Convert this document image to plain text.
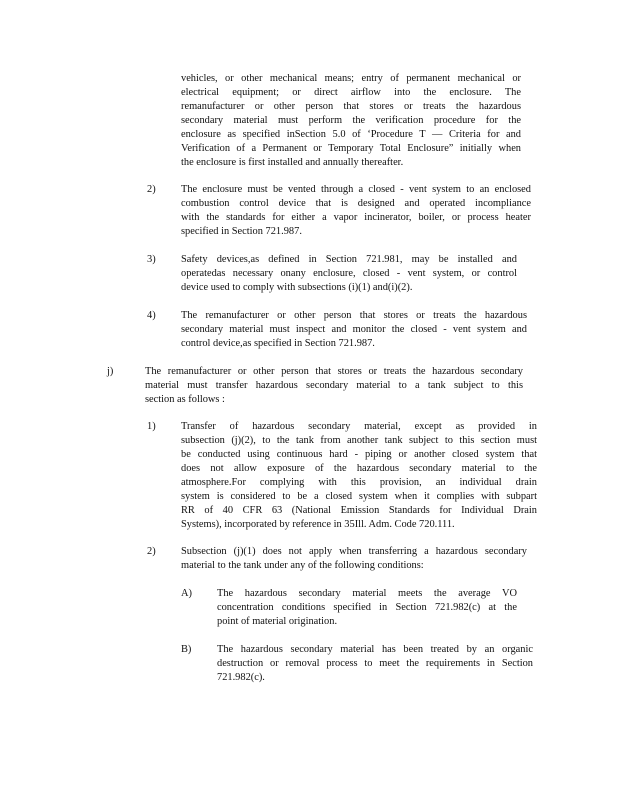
vehicles, or other mechanical means; entry of permanent mechanical or
electrical equipment; or direct airflow into the enclosure. The
remanufacturer or other person that stores or treats the hazardous
secondary material must perform the verification procedure for the
enclosure as specified inSection 5.0 of ‘Procedure T — Criteria for and
Verification of a Permanent or Temporary Total Enclosure” initially when
the enclosure is first installed and annually thereafter.
2) The enclosure must be vented through a closed - vent system to an enclosed
combustion control device that is designed and operated incompliance
with the standards for either a vapor incinerator, boiler, or process heater
specified in Section 721.987.
3) Safety devices,as defined in Section 721.981, may be installed and
operatedas necessary onany enclosure, closed - vent system, or control
device used to comply with subsections (i)(1) and(i)(2).
4) The remanufacturer or other person that stores or treats the hazardous
secondary material must inspect and monitor the closed - vent system and
control device,as specified in Section 721.987.
j)	The remanufacturer or other person that stores or treats the hazardous secondary
material must transfer hazardous secondary material to a tank subject to this
section as follows :
1) Transfer of hazardous secondary material, except as provided in
subsection (j)(2), to the tank from another tank subject to this section must
be conducted using continuous hard - piping or another closed system that
does not allow exposure of the hazardous secondary material to the
atmosphere.For complying with this provision, an individual drain
system is considered to be a closed system when it complies with subpart
RR of 40 CFR 63 (National Emission Standards for Individual Drain
Systems), incorporated by reference in 35Ill. Adm. Code 720.111.
2) Subsection (j)(1) does not apply when transferring a hazardous secondary
material to the tank under any of the following conditions:
A) The hazardous secondary material meets the average VO
concentration conditions specified in Section 721.982(c) at the
point of material origination.
B) The hazardous secondary material has been treated by an organic
destruction or removal process to meet the requirements in Section
721.982(c).
